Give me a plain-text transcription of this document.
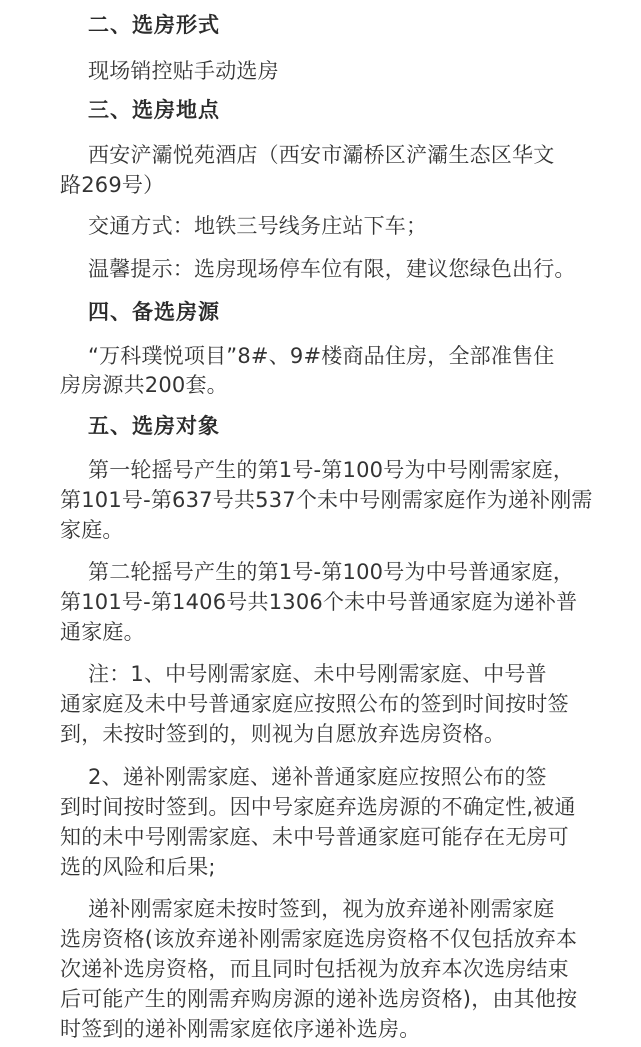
二、选房形式
现场销控贴手动选房
三、选房地点
西安浐灞悦苑酒店（西安市灞桥区浐灞生态区华文
路269号）
交通方式：地铁三号线务庄站下车；
温馨提示：选房现场停车位有限，建议您绿色出行。
四、备选房源
“万科璞悦项目”8#、9#楼商品住房，全部准售住
房房源共200套。
五、选房对象
第一轮摇号产生的第1号-第100号为中号刚需家庭，
第101号-第637号共537个未中号刚需家庭作为递补刚需
家庭。
第二轮摇号产生的第1号-第100号为中号普通家庭，
第101号-第1406号共1306个未中号普通家庭为递补普
通家庭。
注：1、中号刚需家庭、未中号刚需家庭、中号普
通家庭及未中号普通家庭应按照公布的签到时间按时签
到，未按时签到的，则视为自愿放弃选房资格。
2、递补刚需家庭、递补普通家庭应按照公布的签
到时间按时签到。因中号家庭弃选房源的不确定性,被通
知的未中号刚需家庭、未中号普通家庭可能存在无房可
选的风险和后果;
递补刚需家庭未按时签到，视为放弃递补刚需家庭
选房资格(该放弃递补刚需家庭选房资格不仅包括放弃本
次递补选房资格，而且同时包括视为放弃本次选房结束
后可能产生的刚需弃购房源的递补选房资格)，由其他按
时签到的递补刚需家庭依序递补选房。
